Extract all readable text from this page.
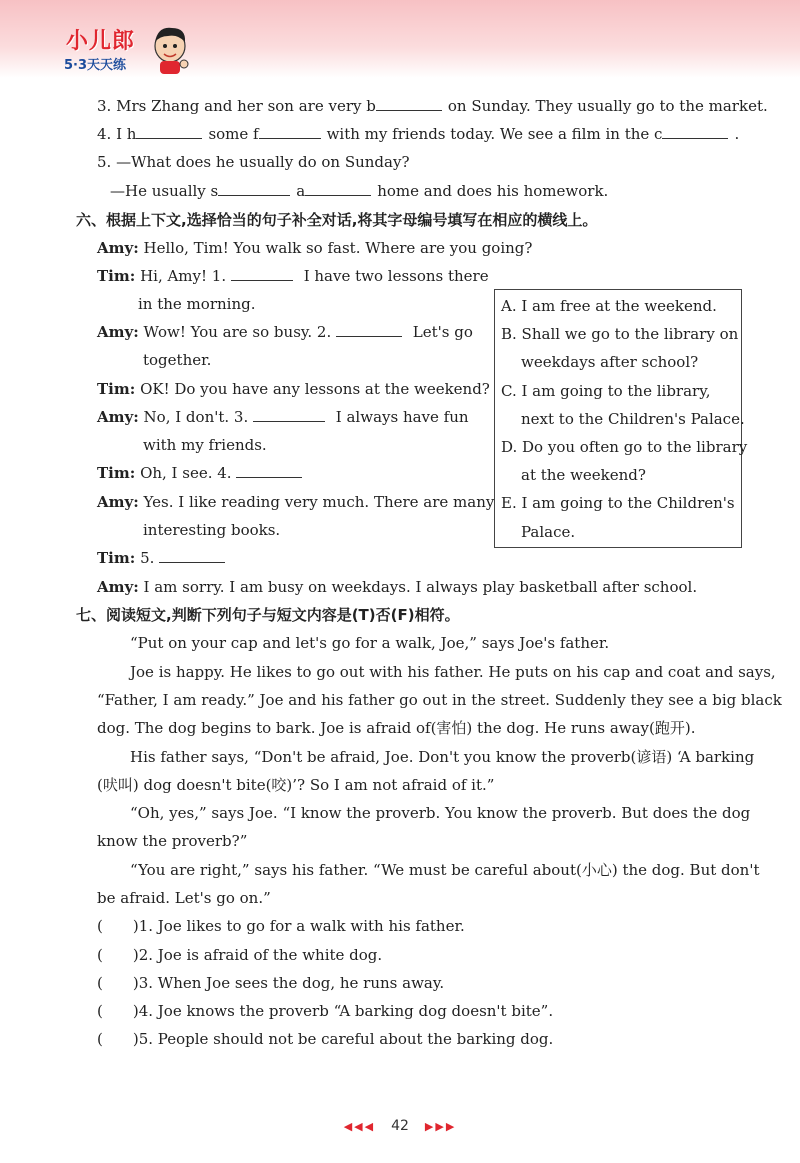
小儿郎
5·3天天练
3. Mrs Zhang and her son are very b	on Sunday. They usually go to the market.
4. I h	some f	with my friends today. We see a film in the c	.
5. —What does he usually do on Sunday?
—He usually s	a	home and does his homework.
六、根据上下文,选择恰当的句子补全对话,将其字母编号填写在相应的横线上。
Amy: Hello, Tim! You walk so fast. Where are you going?
Tim: Hi, Amy! 1.	I have two lessons there
in the morning.
Amy: Wow! You are so busy. 2.	Let's go
together.
Tim: OK! Do you have any lessons at the weekend?
Amy: No, I don't. 3.	I always have fun
with my friends.
Tim: Oh, I see. 4.
Amy: Yes. I like reading very much. There are many
interesting books.
Tim: 5.
Amy: I am sorry. I am busy on weekdays. I always play basketball after school.
A. I am free at the weekend.
B. Shall we go to the library on
weekdays after school?
C. I am going to the library,
next to the Children's Palace.
D. Do you often go to the library
at the weekend?
E. I am going to the Children's
Palace.
七、阅读短文,判断下列句子与短文内容是(T)否(F)相符。
“Put on your cap and let's go for a walk, Joe,” says Joe's father.
Joe is happy. He likes to go out with his father. He puts on his cap and coat and says,
“Father, I am ready.” Joe and his father go out in the street. Suddenly they see a big black
dog. The dog begins to bark. Joe is afraid of(害怕) the dog. He runs away(跑开).
His father says, “Don't be afraid, Joe. Don't you know the proverb(谚语) ‘A barking
(吠叫) dog doesn't bite(咬)’? So I am not afraid of it.”
“Oh, yes,” says Joe. “I know the proverb. You know the proverb. But does the dog
know the proverb?”
“You are right,” says his father. “We must be careful about(小心) the dog. But don't
be afraid. Let's go on.”
(　　)1. Joe likes to go for a walk with his father.
(　　)2. Joe is afraid of the white dog.
(　　)3. When Joe sees the dog, he runs away.
(　　)4. Joe knows the proverb “A barking dog doesn't bite”.
(　　)5. People should not be careful about the barking dog.
◀◀◀ 42 ▶▶▶
